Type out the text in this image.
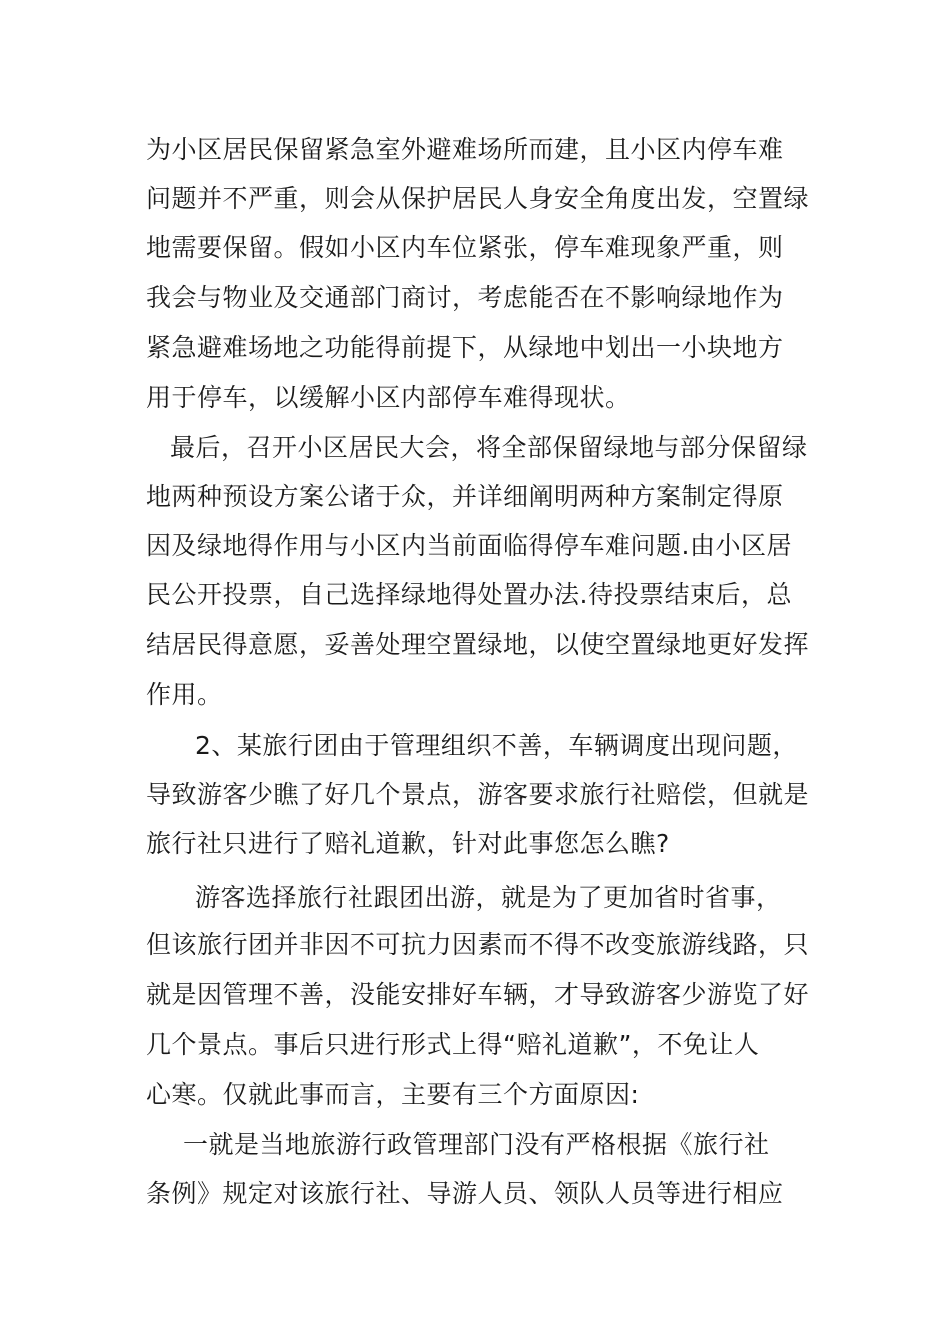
为小区居民保留紧急室外避难场所而建，且小区内停车难
问题并不严重，则会从保护居民人身安全角度出发，空置绿
地需要保留。假如小区内车位紧张，停车难现象严重，则
我会与物业及交通部门商讨，考虑能否在不影响绿地作为
紧急避难场地之功能得前提下，从绿地中划出一小块地方
用于停车，以缓解小区内部停车难得现状。
最后，召开小区居民大会，将全部保留绿地与部分保留绿
地两种预设方案公诸于众，并详细阐明两种方案制定得原
因及绿地得作用与小区内当前面临得停车难问题.由小区居
民公开投票，自己选择绿地得处置办法.待投票结束后，总
结居民得意愿，妥善处理空置绿地，以使空置绿地更好发挥
作用。
2、某旅行团由于管理组织不善，车辆调度出现问题，
导致游客少瞧了好几个景点，游客要求旅行社赔偿，但就是
旅行社只进行了赔礼道歉，针对此事您怎么瞧?
游客选择旅行社跟团出游，就是为了更加省时省事，
但该旅行团并非因不可抗力因素而不得不改变旅游线路，只
就是因管理不善，没能安排好车辆，才导致游客少游览了好
几个景点。事后只进行形式上得“赔礼道歉”，不免让人
心寒。仅就此事而言，主要有三个方面原因:
一就是当地旅游行政管理部门没有严格根据《旅行社
条例》规定对该旅行社、导游人员、领队人员等进行相应
